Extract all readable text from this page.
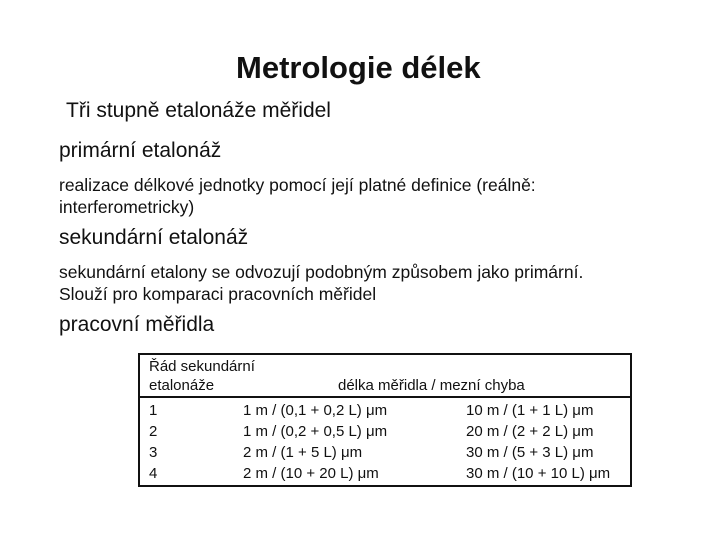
Metrologie délek
Tři stupně etalonáže měřidel
primární etalonáž
realizace délkové jednotky pomocí její platné definice (reálně:
interferometricky)
sekundární etalonáž
sekundární etalony se odvozují podobným způsobem jako primární.
Slouží pro komparaci pracovních měřidel
pracovní měřidla
Řád sekundární
etalonáže	délka měřidla / mezní chyba
1	1 m / (0,1 + 0,2 L) μm	10 m / (1 + 1 L) μm
2	1 m / (0,2 + 0,5 L) μm	20 m / (2 + 2 L) μm
3	2 m / (1 + 5 L) μm	30 m / (5 + 3 L) μm
4	2 m / (10 + 20 L) μm	30 m / (10 + 10 L) μm
